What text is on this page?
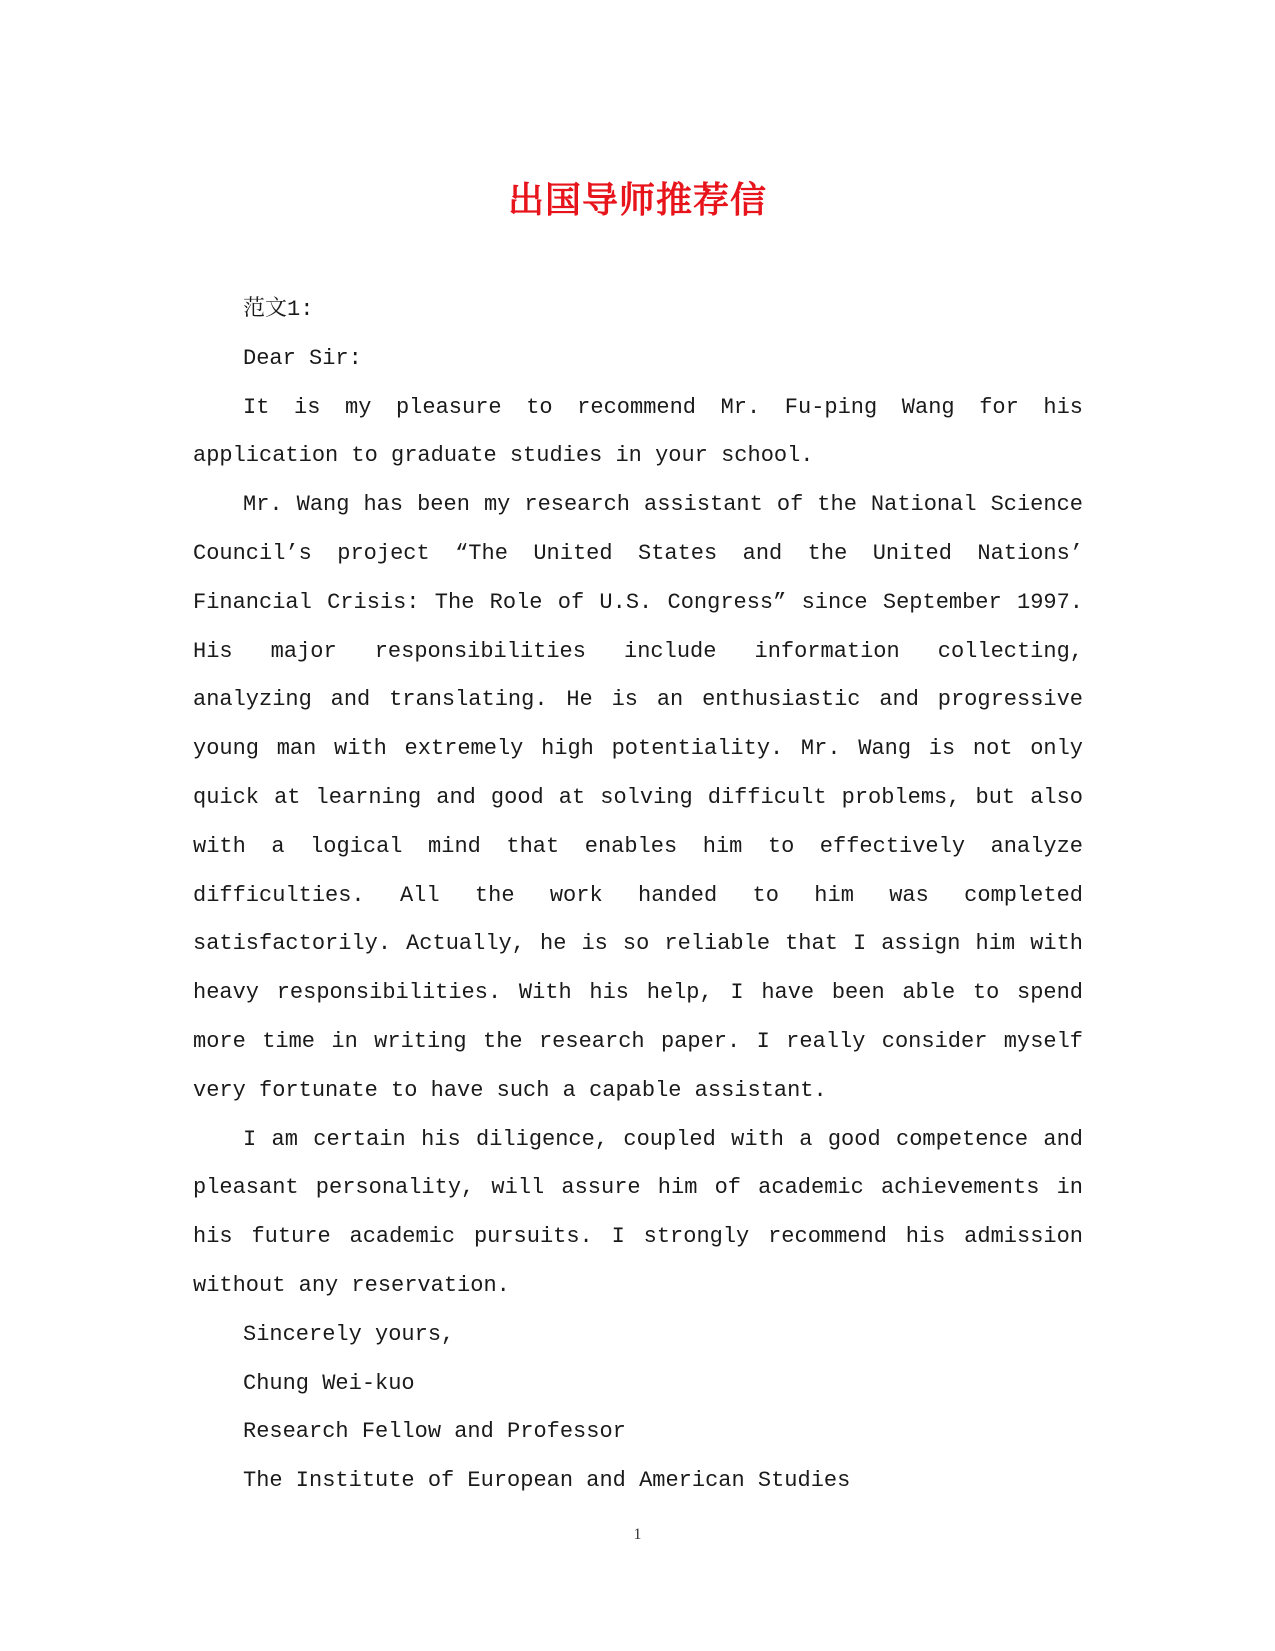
出国导师推荐信

范文1:

Dear Sir:

It is my pleasure to recommend Mr. Fu-ping Wang for his application to graduate studies in your school.

Mr. Wang has been my research assistant of the National Science Council’s project “The United States and the United Nations’ Financial Crisis: The Role of U.S. Congress” since September 1997. His major responsibilities include information collecting, analyzing and translating. He is an enthusiastic and progressive young man with extremely high potentiality. Mr. Wang is not only quick at learning and good at solving difficult problems, but also with a logical mind that enables him to effectively analyze difficulties. All the work handed to him was completed satisfactorily. Actually, he is so reliable that I assign him with heavy responsibilities. With his help, I have been able to spend more time in writing the research paper. I really consider myself very fortunate to have such a capable assistant.

I am certain his diligence, coupled with a good competence and pleasant personality, will assure him of academic achievements in his future academic pursuits. I strongly recommend his admission without any reservation.

Sincerely yours,

Chung Wei-kuo

Research Fellow and Professor

The Institute of European and American Studies

1
